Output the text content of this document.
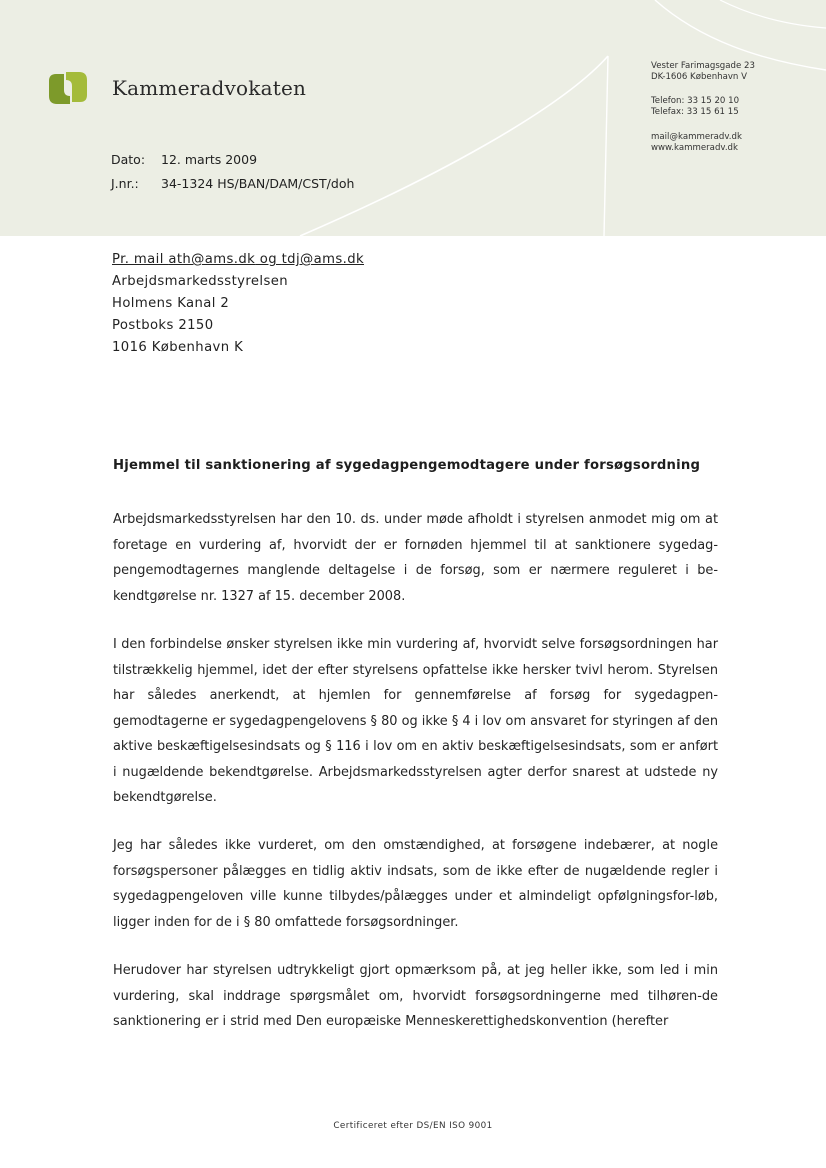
Kammeradvokaten
Dato: 12. marts 2009
J.nr.: 34-1324 HS/BAN/DAM/CST/doh
Vester Farimagsgade 23
DK-1606 København V
Telefon: 33 15 20 10
Telefax: 33 15 61 15
mail@kammeradv.dk
www.kammeradv.dk
Pr. mail ath@ams.dk og tdj@ams.dk
Arbejdsmarkedsstyrelsen
Holmens Kanal 2
Postboks 2150
1016 København K
Hjemmel til sanktionering af sygedagpengemodtagere under forsøgsordning

Arbejdsmarkedsstyrelsen har den 10. ds. under møde afholdt i styrelsen anmodet mig om at foretage en vurdering af, hvorvidt der er fornøden hjemmel til at sanktionere sygedag-pengemodtagernes manglende deltagelse i de forsøg, som er nærmere reguleret i be-kendtgørelse nr. 1327 af 15. december 2008.

I den forbindelse ønsker styrelsen ikke min vurdering af, hvorvidt selve forsøgsordningen har tilstrækkelig hjemmel, idet der efter styrelsens opfattelse ikke hersker tvivl herom. Styrelsen har således anerkendt, at hjemlen for gennemførelse af forsøg for sygedagpen-gemodtagerne er sygedagpengelovens § 80 og ikke § 4 i lov om ansvaret for styringen af den aktive beskæftigelsesindsats og § 116 i lov om en aktiv beskæftigelsesindsats, som er anført i nugældende bekendtgørelse. Arbejdsmarkedsstyrelsen agter derfor snarest at udstede ny bekendtgørelse.

Jeg har således ikke vurderet, om den omstændighed, at forsøgene indebærer, at nogle forsøgspersoner pålægges en tidlig aktiv indsats, som de ikke efter de nugældende regler i sygedagpengeloven ville kunne tilbydes/pålægges under et almindeligt opfølgningsfor-løb, ligger inden for de i § 80 omfattede forsøgsordninger.

Herudover har styrelsen udtrykkeligt gjort opmærksom på, at jeg heller ikke, som led i min vurdering, skal inddrage spørgsmålet om, hvorvidt forsøgsordningerne med tilhøren-de sanktionering er i strid med Den europæiske Menneskerettighedskonvention (herefter

Certificeret efter DS/EN ISO 9001
